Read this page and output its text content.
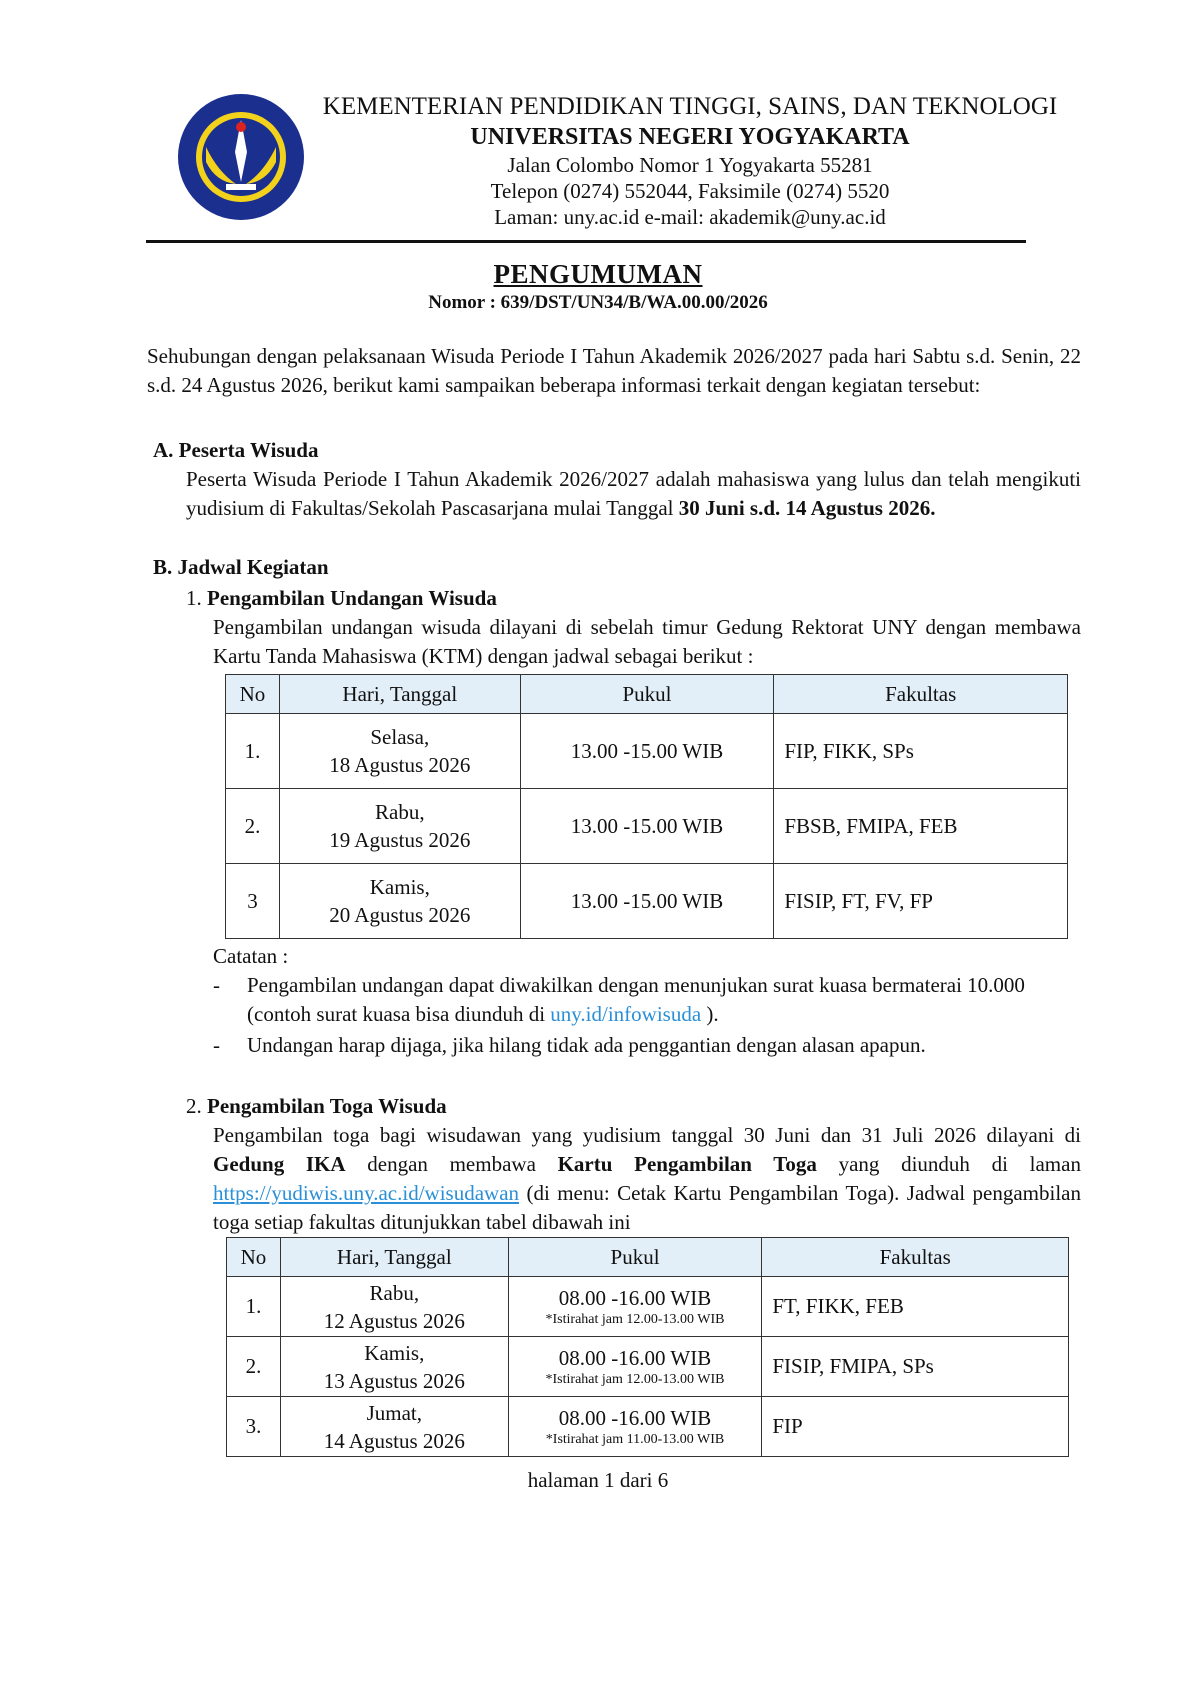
KEMENTERIAN PENDIDIKAN TINGGI, SAINS, DAN TEKNOLOGI
UNIVERSITAS NEGERI YOGYAKARTA
Jalan Colombo Nomor 1 Yogyakarta 55281
Telepon (0274) 552044, Faksimile (0274) 5520
Laman: uny.ac.id e-mail: akademik@uny.ac.id
PENGUMUMAN
Nomor : 639/DST/UN34/B/WA.00.00/2026
Sehubungan dengan pelaksanaan Wisuda Periode I Tahun Akademik 2026/2027 pada hari Sabtu s.d. Senin, 22 s.d. 24 Agustus 2026, berikut kami sampaikan beberapa informasi terkait dengan kegiatan tersebut:
A. Peserta Wisuda
Peserta Wisuda Periode I Tahun Akademik 2026/2027 adalah mahasiswa yang lulus dan telah mengikuti yudisium di Fakultas/Sekolah Pascasarjana mulai Tanggal 30 Juni s.d. 14 Agustus 2026.
B. Jadwal Kegiatan
1. Pengambilan Undangan Wisuda
Pengambilan undangan wisuda dilayani di sebelah timur Gedung Rektorat UNY dengan membawa Kartu Tanda Mahasiswa (KTM) dengan jadwal sebagai berikut :
No	Hari, Tanggal	Pukul	Fakultas
1.	Selasa,
18 Agustus 2026	13.00 -15.00 WIB	FIP, FIKK, SPs
2.	Rabu,
19 Agustus 2026	13.00 -15.00 WIB	FBSB, FMIPA, FEB
3	Kamis,
20 Agustus 2026	13.00 -15.00 WIB	FISIP, FT, FV, FP
Catatan :
- Pengambilan undangan dapat diwakilkan dengan menunjukan surat kuasa bermaterai 10.000 (contoh surat kuasa bisa diunduh di uny.id/infowisuda ).
- Undangan harap dijaga, jika hilang tidak ada penggantian dengan alasan apapun.
2. Pengambilan Toga Wisuda
Pengambilan toga bagi wisudawan yang yudisium tanggal 30 Juni dan 31 Juli 2026 dilayani di Gedung IKA dengan membawa Kartu Pengambilan Toga yang diunduh di laman https://yudiwis.uny.ac.id/wisudawan (di menu: Cetak Kartu Pengambilan Toga). Jadwal pengambilan toga setiap fakultas ditunjukkan tabel dibawah ini
No	Hari, Tanggal	Pukul	Fakultas
1.	Rabu,
12 Agustus 2026	08.00 -16.00 WIB
*Istirahat jam 12.00-13.00 WIB	FT, FIKK, FEB
2.	Kamis,
13 Agustus 2026	08.00 -16.00 WIB
*Istirahat jam 12.00-13.00 WIB	FISIP, FMIPA, SPs
3.	Jumat,
14 Agustus 2026	08.00 -16.00 WIB
*Istirahat jam 11.00-13.00 WIB	FIP
halaman 1 dari 6
